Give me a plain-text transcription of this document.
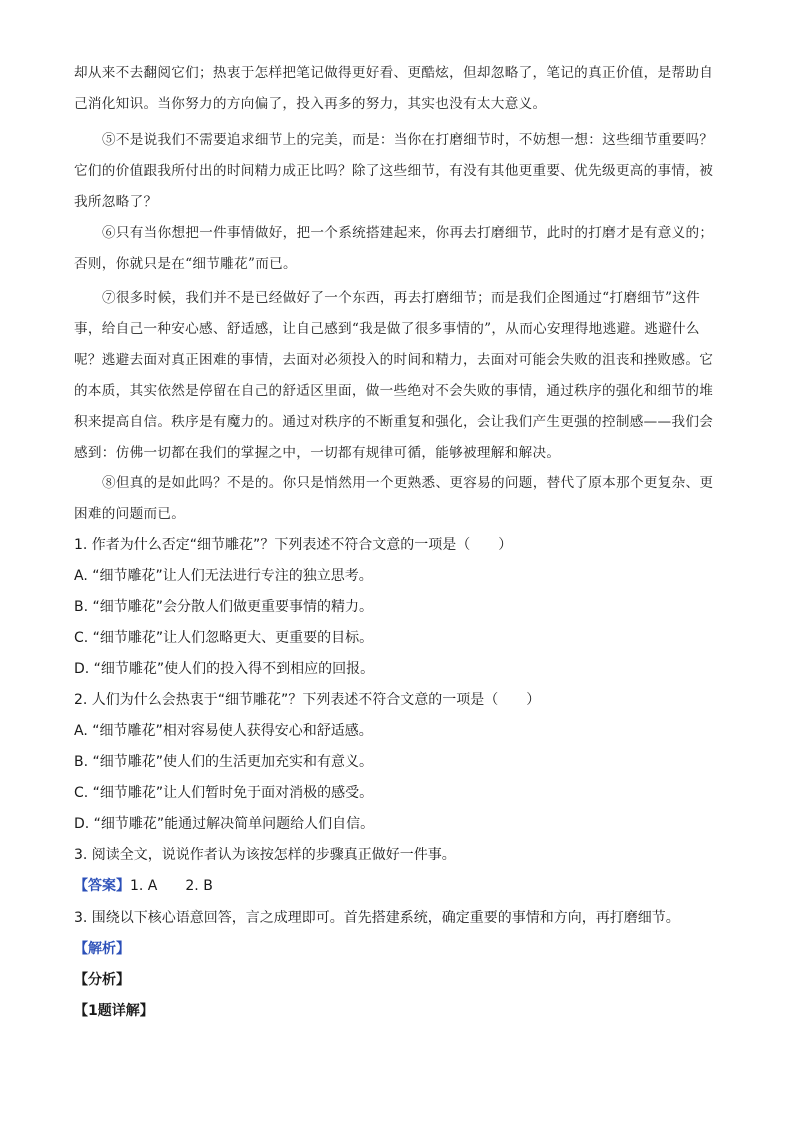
却从来不去翻阅它们；热衷于怎样把笔记做得更好看、更酷炫，但却忽略了，笔记的真正价值，是帮助自
己消化知识。当你努力的方向偏了，投入再多的努力，其实也没有太大意义。
⑤不是说我们不需要追求细节上的完美，而是：当你在打磨细节时，不妨想一想：这些细节重要吗？
它们的价值跟我所付出的时间精力成正比吗？除了这些细节，有没有其他更重要、优先级更高的事情，被
我所忽略了？
⑥只有当你想把一件事情做好，把一个系统搭建起来，你再去打磨细节，此时的打磨才是有意义的；
否则，你就只是在“细节雕花”而已。
⑦很多时候，我们并不是已经做好了一个东西，再去打磨细节；而是我们企图通过“打磨细节”这件
事，给自己一种安心感、舒适感，让自己感到“我是做了很多事情的”，从而心安理得地逃避。逃避什么
呢？逃避去面对真正困难的事情，去面对必须投入的时间和精力，去面对可能会失败的沮丧和挫败感。它
的本质，其实依然是停留在自己的舒适区里面，做一些绝对不会失败的事情，通过秩序的强化和细节的堆
积来提高自信。秩序是有魔力的。通过对秩序的不断重复和强化，会让我们产生更强的控制感——我们会
感到：仿佛一切都在我们的掌握之中，一切都有规律可循，能够被理解和解决。
⑧但真的是如此吗？不是的。你只是悄然用一个更熟悉、更容易的问题，替代了原本那个更复杂、更
困难的问题而已。
1. 作者为什么否定“细节雕花”？下列表述不符合文意的一项是（　　）
A. “细节雕花”让人们无法进行专注的独立思考。
B. “细节雕花”会分散人们做更重要事情的精力。
C. “细节雕花”让人们忽略更大、更重要的目标。
D. “细节雕花”使人们的投入得不到相应的回报。
2. 人们为什么会热衷于“细节雕花”？下列表述不符合文意的一项是（　　）
A. “细节雕花”相对容易使人获得安心和舒适感。
B. “细节雕花”使人们的生活更加充实和有意义。
C. “细节雕花”让人们暂时免于面对消极的感受。
D. “细节雕花”能通过解决简单问题给人们自信。
3. 阅读全文，说说作者认为该按怎样的步骤真正做好一件事。
【答案】1. A　　2. B
3. 围绕以下核心语意回答，言之成理即可。首先搭建系统，确定重要的事情和方向，再打磨细节。
【解析】
【分析】
【1题详解】
